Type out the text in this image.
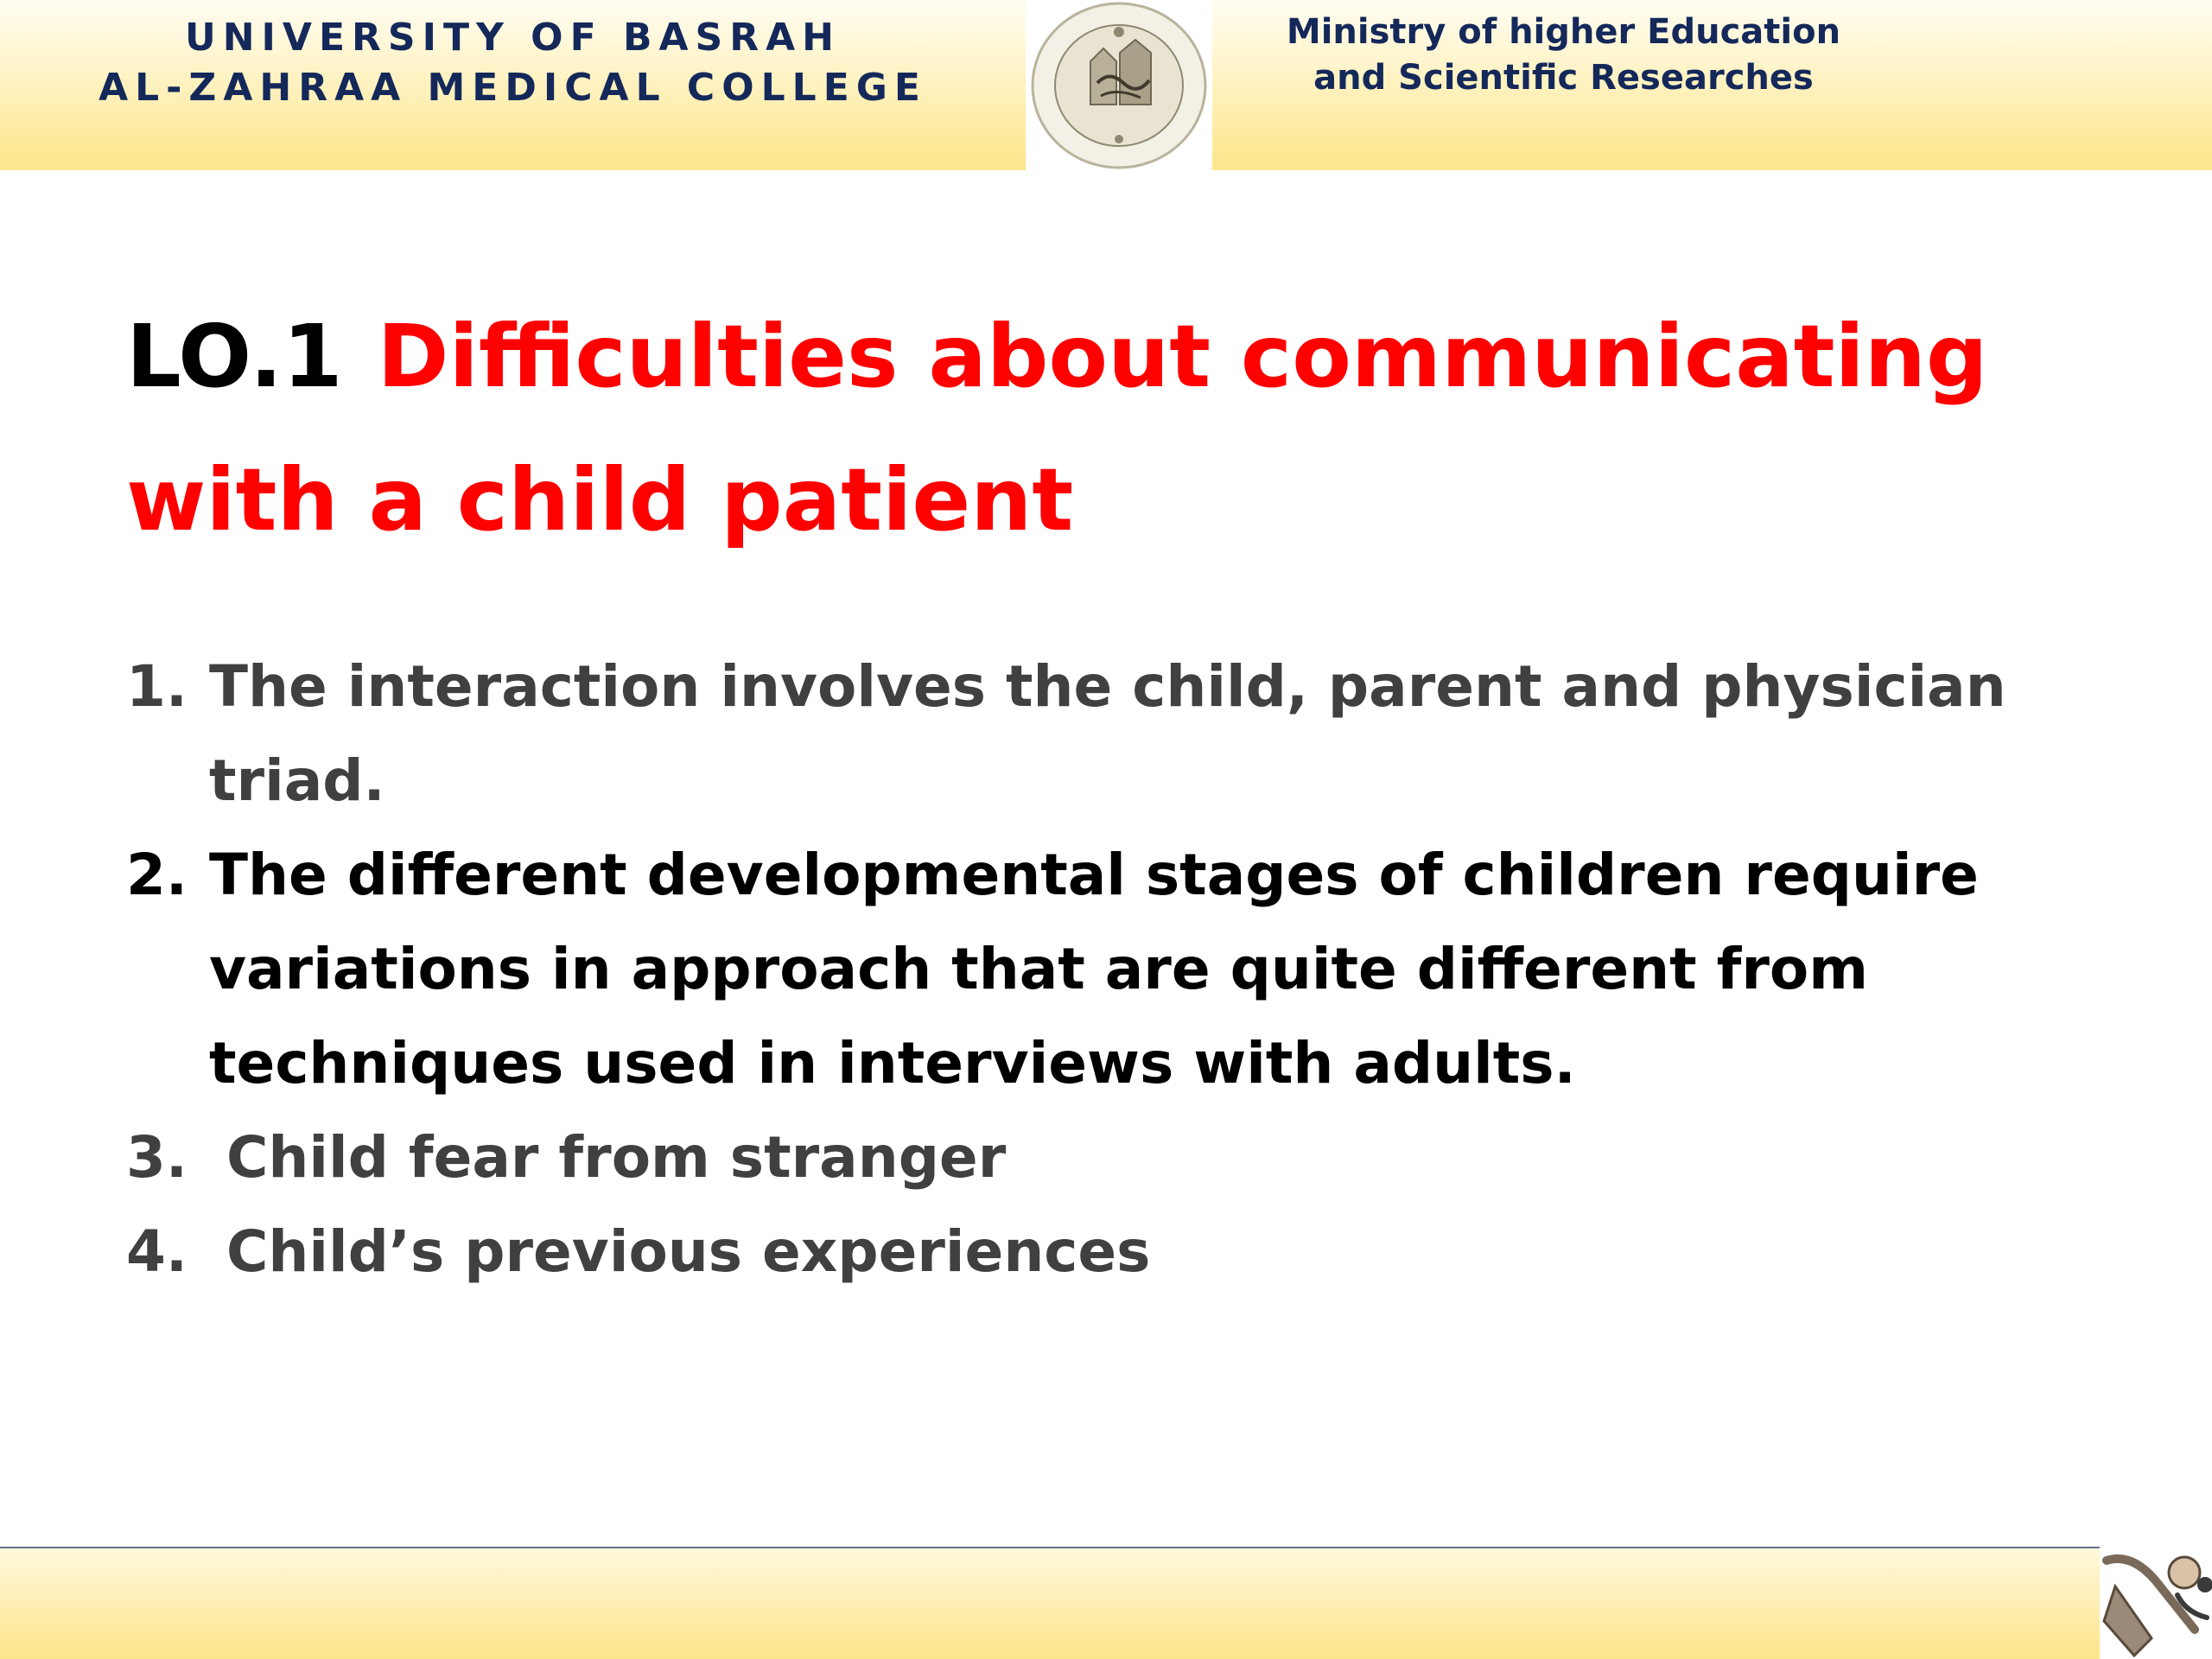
UNIVERSITY OF BASRAH
AL-ZAHRAA MEDICAL COLLEGE
Ministry of higher Education
and Scientific Researches
LO.1 Difficulties about communicating
with a child patient
1. The interaction involves the child, parent and physician triad.
2. The different developmental stages of children require variations in approach that are quite different from techniques used in interviews with adults.
3. Child fear from stranger
4. Child’s previous experiences
